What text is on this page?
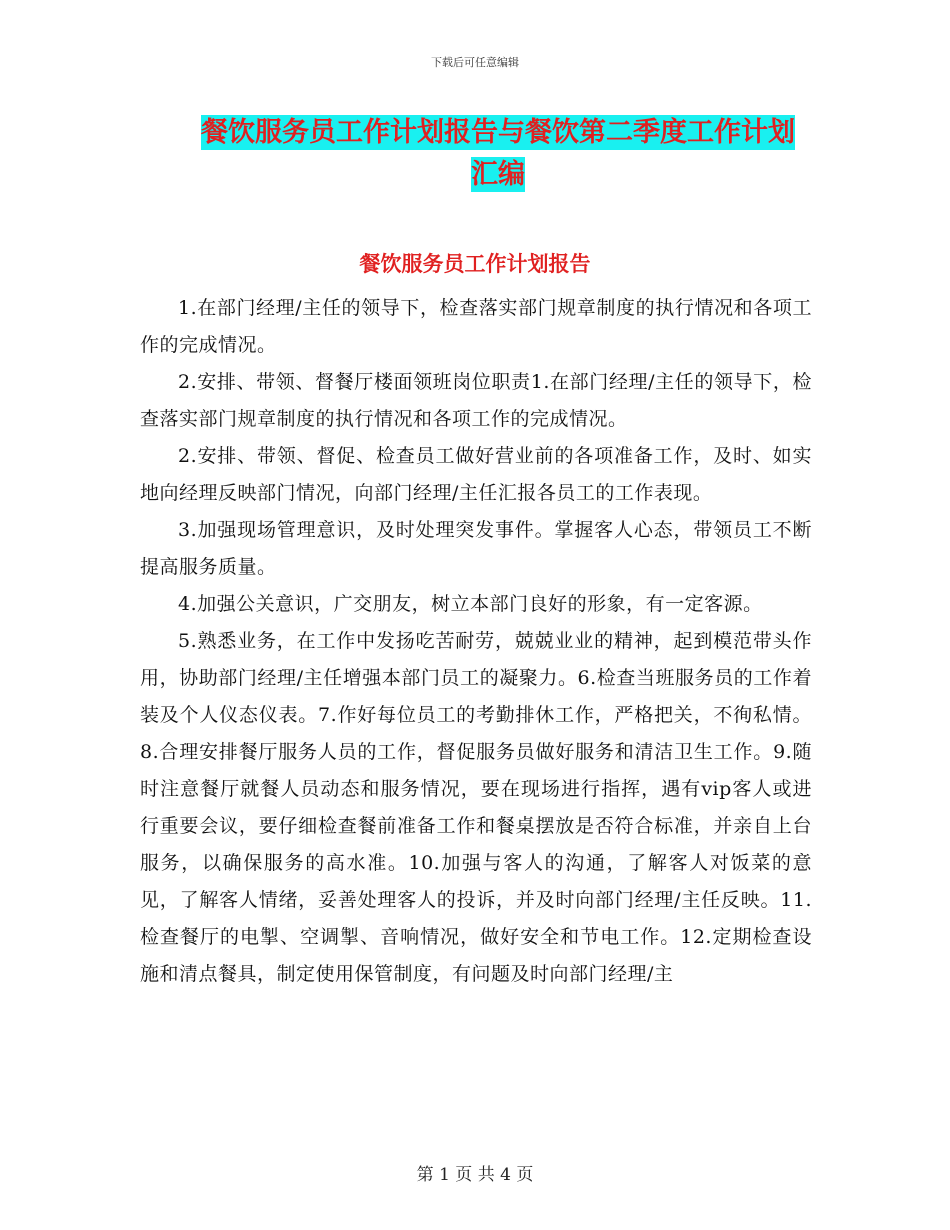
下载后可任意编辑
餐饮服务员工作计划报告与餐饮第二季度工作计划汇编
餐饮服务员工作计划报告

1.在部门经理/主任的领导下，检查落实部门规章制度的执行情况和各项工作的完成情况。

2.安排、带领、督餐厅楼面领班岗位职责1.在部门经理/主任的领导下，检查落实部门规章制度的执行情况和各项工作的完成情况。

2.安排、带领、督促、检查员工做好营业前的各项准备工作，及时、如实地向经理反映部门情况，向部门经理/主任汇报各员工的工作表现。

3.加强现场管理意识，及时处理突发事件。掌握客人心态，带领员工不断提高服务质量。

4.加强公关意识，广交朋友，树立本部门良好的形象，有一定客源。

5.熟悉业务，在工作中发扬吃苦耐劳，兢兢业业的精神，起到模范带头作用，协助部门经理/主任增强本部门员工的凝聚力。6.检查当班服务员的工作着装及个人仪态仪表。7.作好每位员工的考勤排休工作，严格把关，不徇私情。8.合理安排餐厅服务人员的工作，督促服务员做好服务和清洁卫生工作。9.随时注意餐厅就餐人员动态和服务情况，要在现场进行指挥，遇有vip客人或进行重要会议，要仔细检查餐前准备工作和餐桌摆放是否符合标准，并亲自上台服务，以确保服务的高水准。10.加强与客人的沟通，了解客人对饭菜的意见，了解客人情绪，妥善处理客人的投诉，并及时向部门经理/主任反映。11.检查餐厅的电掣、空调掣、音响情况，做好安全和节电工作。12.定期检查设施和清点餐具，制定使用保管制度，有问题及时向部门经理/主

第 1 页 共 4 页
